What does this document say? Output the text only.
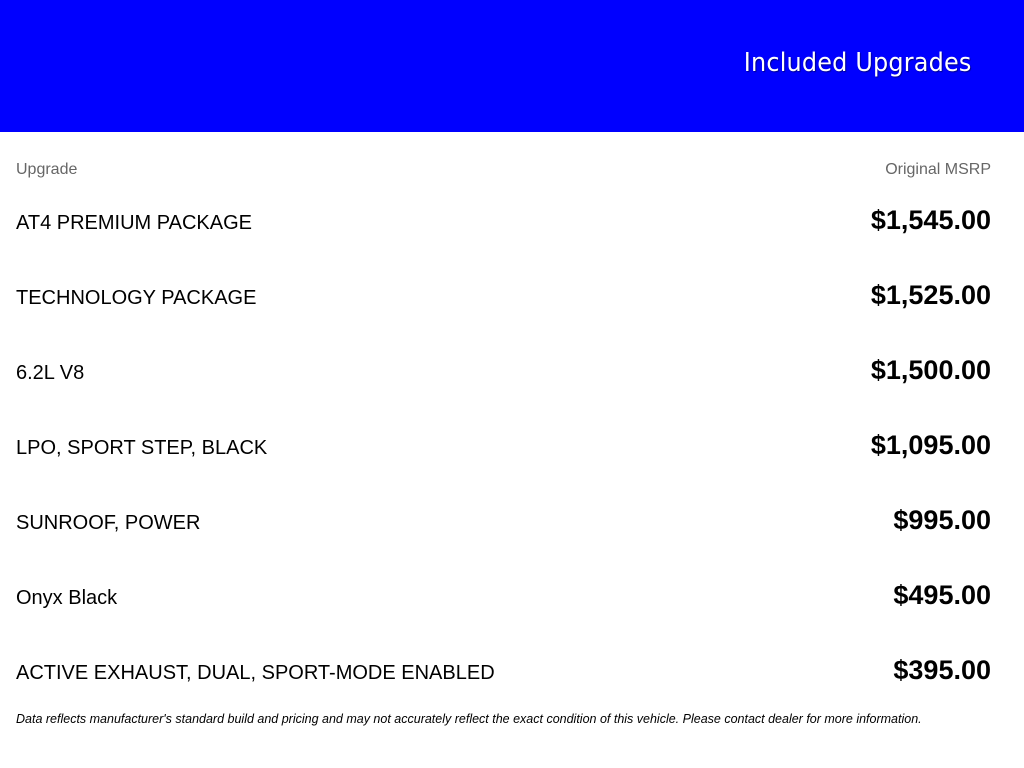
Included Upgrades
Upgrade	Original MSRP
AT4 PREMIUM PACKAGE	$1,545.00
TECHNOLOGY PACKAGE	$1,525.00
6.2L V8	$1,500.00
LPO, SPORT STEP, BLACK	$1,095.00
SUNROOF, POWER	$995.00
Onyx Black	$495.00
ACTIVE EXHAUST, DUAL, SPORT-MODE ENABLED	$395.00
Data reflects manufacturer's standard build and pricing and may not accurately reflect the exact condition of this vehicle. Please contact dealer for more information.
